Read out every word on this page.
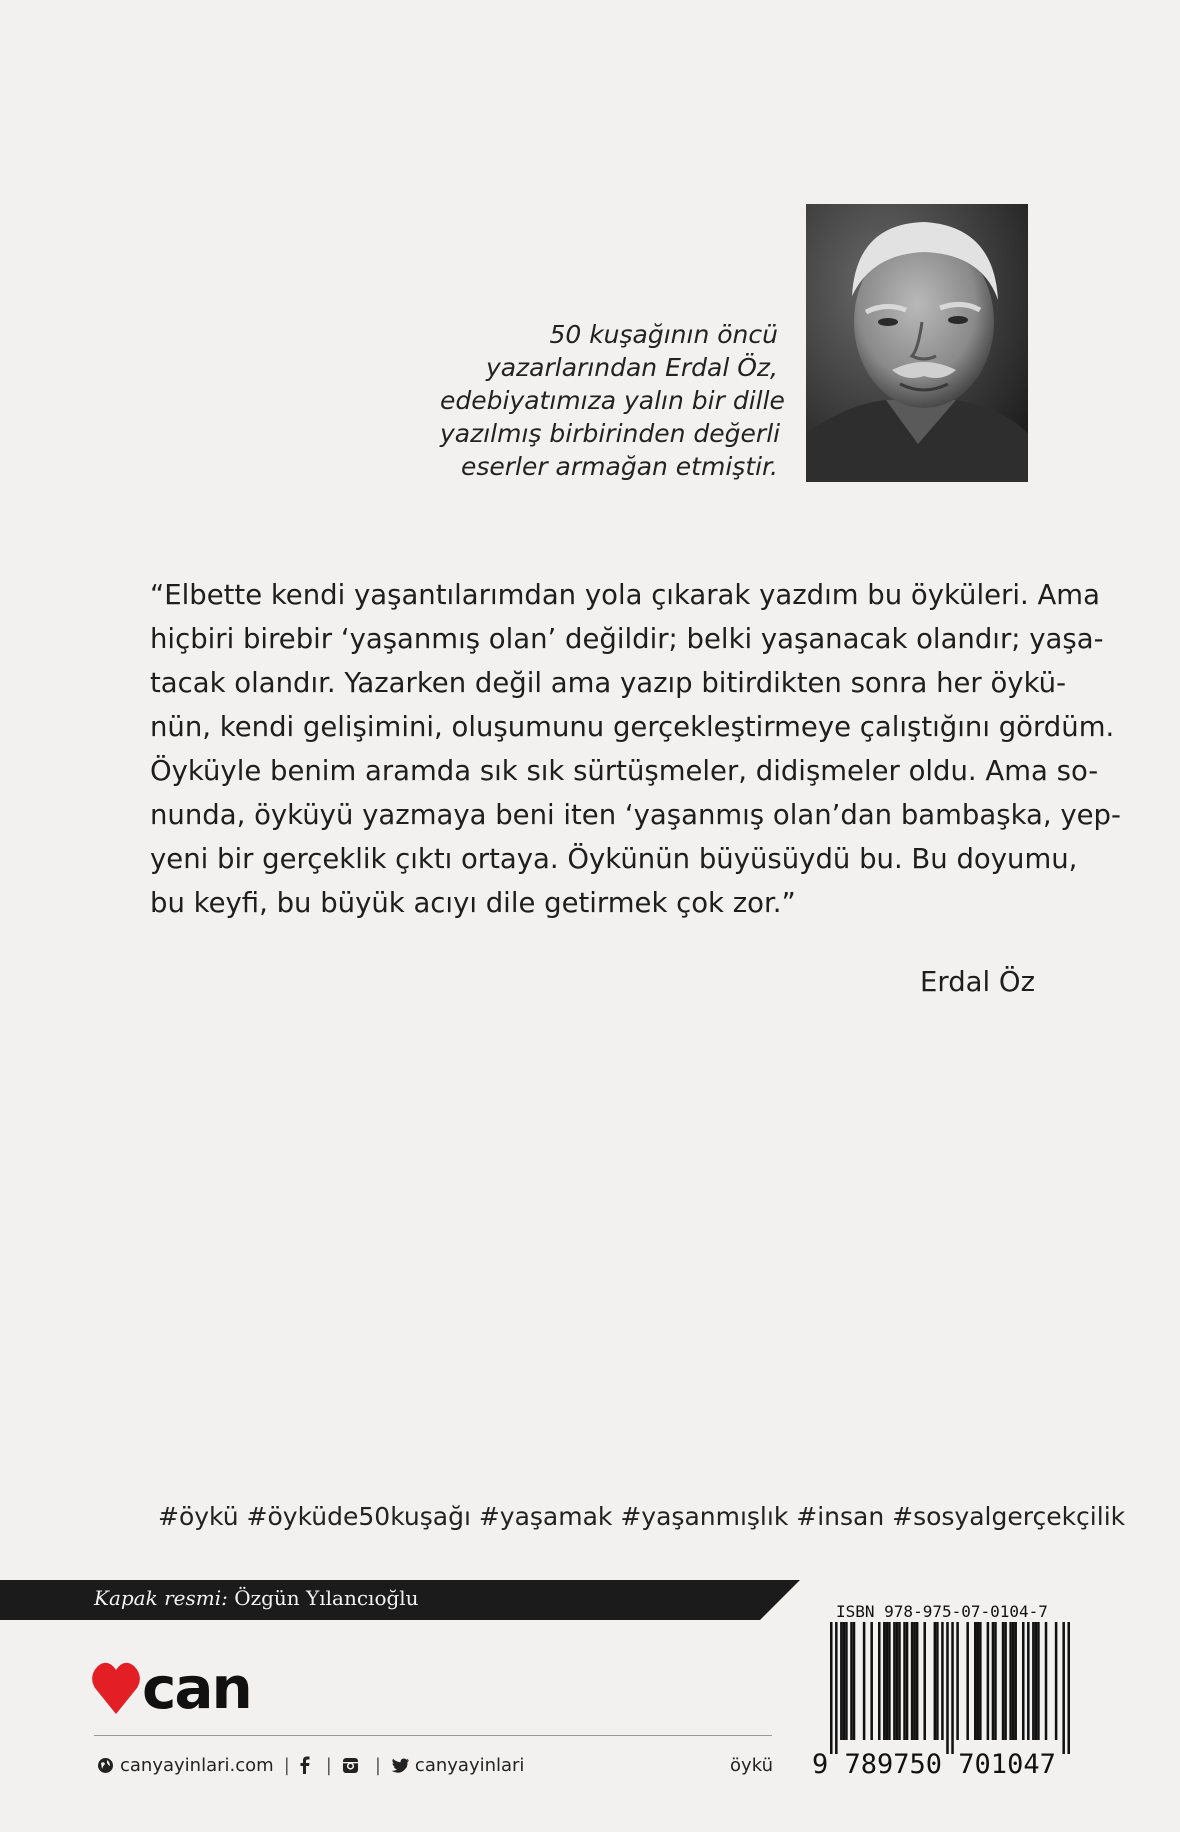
50 kuşağının öncü
yazarlarından Erdal Öz,
edebiyatımıza yalın bir dille
yazılmış birbirinden değerli
eserler armağan etmiştir.
“Elbette kendi yaşantılarımdan yola çıkarak yazdım bu öyküleri. Ama
hiçbiri birebir ‘yaşanmış olan’ değildir; belki yaşanacak olandır; yaşa-
tacak olandır. Yazarken değil ama yazıp bitirdikten sonra her öykü-
nün, kendi gelişimini, oluşumunu gerçekleştirmeye çalıştığını gördüm.
Öyküyle benim aramda sık sık sürtüşmeler, didişmeler oldu. Ama so-
nunda, öyküyü yazmaya beni iten ‘yaşanmış olan’dan bambaşka, yep-
yeni bir gerçeklik çıktı ortaya. Öykünün büyüsüydü bu. Bu doyumu,
bu keyfi, bu büyük acıyı dile getirmek çok zor.”
Erdal Öz
#öykü #öyküde50kuşağı #yaşamak #yaşanmışlık #insan #sosyalgerçekçilik
Kapak resmi: Özgün Yılancıoğlu
can
canyayinlari.com | | | canyayinlari	öykü
ISBN 978-975-07-0104-7
9 789750 701047
